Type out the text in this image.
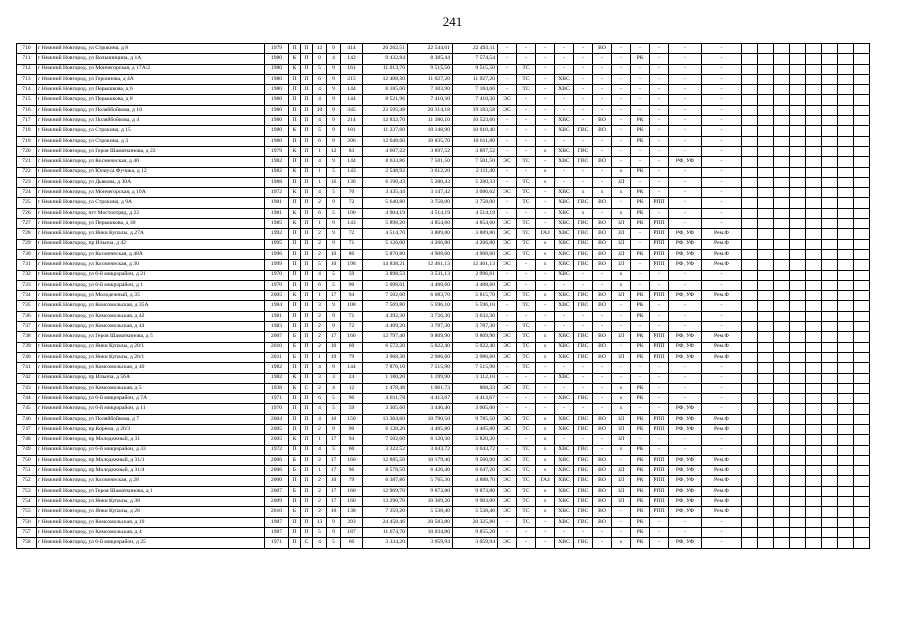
241
710	г Нижний Новгород, ул Строкина, д 8	1979	П	П	12	9	414	26 262,51	22 544,01	22 493,11	-	-	-	-	-	ВО	-	-	-	-	-								
711	г Нижний Новгород, ул Вольнинцина, д 1А	1980	К	П	9	4	142	9 432,84	8 385,44	7 574,54	-	-	-	-	-	-	-	РК	-	-	-								
712	г Нижний Новгород, ул Мончегорская, д 17А/2	1980	К	П	5	9	161	11 013,70	9 515,50	9 515,50	-	ТС	-	-	-	-	-	-	-	-	-								
713	г Нижний Новгород, ул Героинова, д 4А	1980	П	П	6	9	215	12 408,30	11 027,20	11 027,20	-	ТС	-	ХВС	-	-	-	-	-	-	-								
714	г Нижний Новгород, ул Перышкова, д 6	1980	П	П	4	9	144	8 185,00	7 303,90	7 184,60	-	ТС	-	ХВС	-	-	-	-	-	-	-								
715	г Нижний Новгород, ул Перышкова, д 8	1980	П	П	4	9	144	8 521,96	7 410,30	7 410,30	ЭС	-	-	-	-	-	-	-	-	-	-								
716	г Нижний Новгород, ул Поляйбойкова, д 10	1980	П	П	10	9	345	23 595,48	20 314,18	19 183,58	ЭС	-	-	-	-	-	-	-	-	-	-								
717	г Нижний Новгород, ул Поляйбойкова, д 4	1980	П	П	4	9	214	12 832,70	11 386,10	10 523,60	-	-	-	ХВС	-	ВО	-	РК	-	-	-								
718	г Нижний Новгород, ул Строкина, д 15	1980	К	П	5	9	181	11 337,60	10 148,90	10 010,40	-	-	-	ХВС	ГВС	ВО	-	РК	-	-	-								
719	г Нижний Новгород, ул Строкина, д 3	1980	П	П	6	9	206	12 648,60	10 835,70	10 611,80	-	-	-	-	-	-	-	РК	-	-	-								
720	г Нижний Новгород, ул Героя Шаматкинова, д 22	1979	К	П	1	12	83	4 607,22	3 897,52	3 897,52	-	-	х	ХВС	ГВС	-	-	-	-	-	-								
721	г Нижний Новгород, ул Космическая, д 40	1982	П	П	4	9	144	8 633,86	7 501,50	7 501,50	ЭС	ТС	-	ХВС	ГВС	ВО	-	-	-	РФ, УФ	-								
722	г Нижний Новгород, ул Юлиуса Фучика, д 12	1982	К	П	1	5	143	2 548,92	3 612,20	2 111,40	-	-	х	-	-	-	х	РК	-	-	-								
723	г Нижний Новгород, ул Дьякова, д 30А	1988	П	П	1	16	130	6 190,43	5 280,43	5 280,33	-	ТС	х	-	-	-	ЗЛ	-	-	-	-								
724	г Нижний Новгород, ул Мончегорская, д 10А	1972	К	П	4	5	70	3 435,44	3 147,42	3 086,62	ЭС	ТС	-	ХВС	х	х	х	РК	-	-	-								
725	г Нижний Новгород, ул Строкина, д 9А	1981	П	П	2	9	72	5 640,80	3 758,00	3 758,00	-	ТС	-	ХВС	ГВС	ВО	-	РК	РПП	-	-								
726	г Нижний Новгород, пгт Мостоотряд, д 22	1981	К	П	6	5	100	4 904,19	4 514,19	4 514,19	-	-	-	ХВС	х	-	х	РК	-	-	-								
727	г Нижний Новгород, ул Перышкова, д 30	1985	К	П	1	9	143	5 898,20	4 854,60	4 854,60	ЭС	ТС	-	ХВС	ГВС	ВО	ЗЛ	РК	РПП	-	-								
728	г Нижний Новгород, ул Янки Купалы, д 27А	1992	П	П	2	9	72	4 514,70	3 889,80	3 889,80	ЭС	ТС	ГАЗ	ХВС	ГВС	ВО	ЗЛ	-	РПП	РФ, УФ	Рем.Ф								
729	г Нижний Новгород, пр Ильича, д 42	1995	П	П	2	9	71	5 126,00	4 266,80	4 266,80	ЭС	ТС	х	ХВС	ГВС	ВО	ЗЛ	-	РПП	РФ, УФ	Рем.Ф								
730	г Нижний Новгород, ул Космическая, д 48А	1996	П	П	2	10	80	5 870,80	4 908,60	4 908,60	ЭС	ТС	х	ХВС	ГВС	ВО	ЗЛ	РК	РПП	РФ, УФ	Рем.Ф								
731	г Нижний Новгород, ул Космическая, д 30	1999	П	П	5	10	198	14 838,21	12 461,13	12 461,13	ЭС	-	х	ХВС	ГВС	ВО	ЗЛ	-	РПП	РФ, УФ	Рем.Ф								
732	г Нижний Новгород, ул 6-й микрорайон, д 21	1970	П	П	4	5	59	3 898,53	3 531,13	2 996,61	-	-	-	ХВС	-	-	х	-	-	-	-								
733	г Нижний Новгород, ул 6-й микрорайон, д 1	1970	П	П	6	5	90	5 098,01	4 408,60	4 408,60	ЭС	-	-	-	-	-	х	-	-	-	-								
734	г Нижний Новгород, ул Молодежный, д 35	2005	К	П	1	17	94	7 502,00	6 083,70	5 815,70	ЭС	ТС	х	ХВС	ГВС	ВО	ЗЛ	РК	РПП	РФ, УФ	Рем.Ф								
735	г Нижний Новгород, ул Комсомольская, д 35А	1984	П	П	3	9	108	7 569,80	5 596,10	5 596,10	-	ТС	-	ХВС	ГВС	ВО	-	РК	-	-	-								
736	г Нижний Новгород, ул Комсомольская, д 42	1981	П	П	2	9	71	4 392,30	3 726,30	3 632,30	-	-	-	-	-	-	-	РК	-	-	-								
737	г Нижний Новгород, ул Комсомольская, д 44	1983	П	П	2	9	72	4 409,20	3 787,30	3 787,30	-	ТС	-	-	-	-	-	-	-	-	-								
738	г Нижний Новгород, ул Героя Шаматкинова, д 5	2007	Б	П	2	17	160	12 797,40	9 809,90	9 809,90	ЭС	ТС	х	ХВС	ГВС	ВО	ЗЛ	РК	РПП	РФ, УФ	Рем.Ф								
739	г Нижний Новгород, ул Янки Купалы, д 28/1	2010	Б	П	2	10	60	6 572,20	5 022,40	5 022,40	ЭС	ТС	х	ХВС	ГВС	ВО	-	РК	РПП	РФ, УФ	Рем.Ф								
740	г Нижний Новгород, ул Янки Купалы, д 26/1	2011	Б	П	1	19	79	3 968,30	2 986,60	2 986,60	ЭС	ТС	х	ХВС	ГВС	ВО	ЗЛ	РК	РПП	РФ, УФ	Рем.Ф								
741	г Нижний Новгород, ул Комсомольская, д 40	1982	П	П	4	9	144	7 876,10	7 515,90	7 515,90	-	ТС	-	-	-	-	-	-	-	-	-								
742	г Нижний Новгород, пр Ильича, д 56А	1982	К	П	3	3	24	1 180,20	1 199,90	1 112,10	-	-	-	ХВС	-	-	-	-	-	-	-								
743	г Нижний Новгород, ул Комсомольская, д 5	1938	К	С	2	4	12	1 478,48	1 061,73	808,33	ЭС	ТС	-	-	-	-	х	РК	-	-	-								
744	г Нижний Новгород, ул 6-й микрорайон, д 7А	1971	П	П	6	5	90	4 811,78	4 413,67	4 413,67	-	-	-	ХВС	ГВС	-	х	РК	-	-	-								
745	г Нижний Новгород, ул 6-й микрорайон, д 11	1970	П	П	4	5	59	3 305,60	3 446,40	3 005,00	-	-	-	-	-	-	х	-	-	РФ, УФ	-								
746	г Нижний Новгород, ул Поляйбойкова, д 7	2004	П	П	4	10	150	13 364,60	10 790,50	9 785,50	ЭС	ТС	х	ХВС	ГВС	ВО	ЗЛ	РК	РПП	РФ, УФ	Рем.Ф								
747	г Нижний Новгород, пр Корема, д 26/3	2005	П	П	2	9	90	6 128,20	4 405,80	4 405,80	ЭС	ТС	х	ХВС	ГВС	ВО	ЗЛ	РК	РПП	РФ, УФ	Рем.Ф								
748	г Нижний Новгород, пр Молодежный, д 31	2005	К	П	1	17	94	7 502,00	6 120,30	5 820,30	-	-	х	-	-	-	ЗЛ	-	-	-	-								
749	г Нижний Новгород, ул 6-й микрорайон, д 33	1972	П	П	4	5	60	3 322,52	3 043,72	3 043,72	-	ТС	х	ХВС	ГВС	-	х	РК	-	-	-								
750	г Нижний Новгород, пр Молодежный, д 31/1	2006	Б	П	2	17	160	12 885,50	10 179,40	9 560,90	ЭС	ТС	х	ХВС	ГВС	ВО	-	РК	РПП	РФ, УФ	Рем.Ф								
751	г Нижний Новгород, пр Молодежный, д 31/4	2006	Б	П	1	17	96	8 578,50	6 426,40	6 047,20	ЭС	ТС	х	ХВС	ГВС	ВО	ЗЛ	РК	РПП	РФ, УФ	Рем.Ф								
752	г Нижний Новгород, ул Космическая, д 28	2000	П	П	2	10	79	6 387,86	5 765,30	4 888,70	ЭС	ТС	ГАЗ	ХВС	ГВС	ВО	ЗЛ	РК	РПП	РФ, УФ	Рем.Ф								
753	г Нижний Новгород, ул Героя Шаматкинова, д 1	2007	Б	П	2	17	160	12 969,70	9 873,80	9 873,80	ЭС	ТС	х	ХВС	ГВС	ВО	ЗЛ	РК	РПП	РФ, УФ	Рем.Ф								
754	г Нижний Новгород, ул Янки Купалы, д 38	2009	П	П	2	17	160	13 290,70	10 369,20	9 903,00	ЭС	ТС	х	ХВС	ГВС	ВО	ЗЛ	РК	РПП	РФ, УФ	Рем.Ф								
755	г Нижний Новгород, ул Янки Купалы, д 28	2010	Б	П	2	10	138	7 359,20	5 538,40	5 538,40	ЭС	ТС	х	ХВС	ГВС	ВО	-	РК	РПП	РФ, УФ	Рем.Ф								
756	г Нижний Новгород, ул Комсомольская, д 10	1987	П	П	13	9	393	24 458,46	20 583,80	20 325,80	-	ТС	-	ХВС	ГВС	ВО	-	РК	-	-	-								
757	г Нижний Новгород, ул Комсомольская, д 4	1987	П	П	5	9	187	11 674,70	10 034,80	9 855,20	-	-	-	-	-	-	-	РК	-	-	-								
758	г Нижний Новгород, ул 6-й микрорайон, д 25	1971	П	С	4	5	60	3 334,20	3 059,94	3 059,94	ЭС	-	-	ХВС	ГВС	-	х	РК	-	РФ, УФ	-								
